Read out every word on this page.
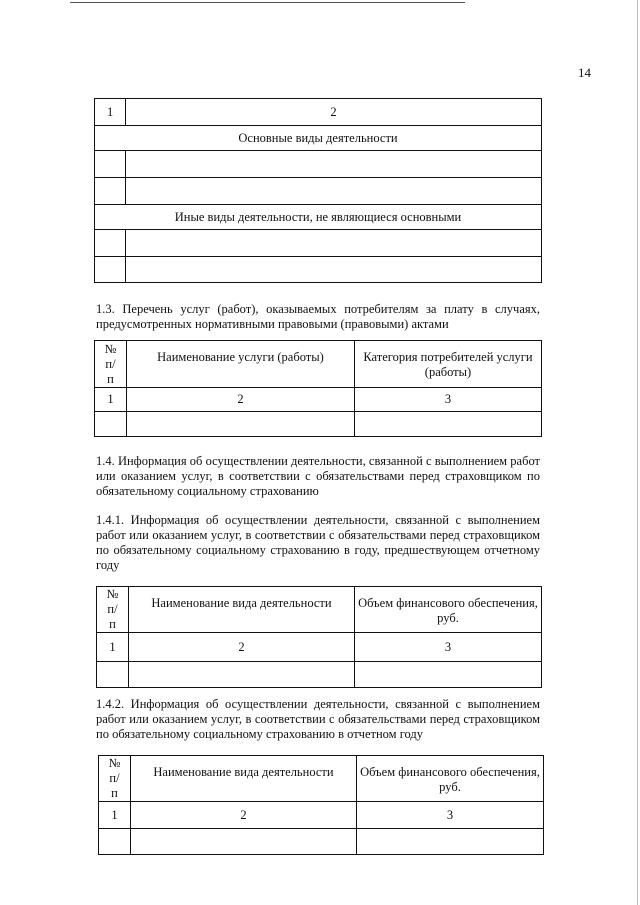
14
1	2
Основные виды деятельности	

Иные виды деятельности, не являющиеся основными	

1.3. Перечень услуг (работ), оказываемых потребителям за плату в случаях, предусмотренных нормативными правовыми (правовыми) актами
№ п/п	Наименование услуги (работы)	Категория потребителей услуги (работы)
1	2	3

1.4. Информация об осуществлении деятельности, связанной с выполнением работ или оказанием услуг, в соответствии с обязательствами перед страховщиком по обязательному социальному страхованию
1.4.1. Информация об осуществлении деятельности, связанной с выполнением работ или оказанием услуг, в соответствии с обязательствами перед страховщиком по обязательному социальному страхованию в году, предшествующем отчетному году
№ п/п	Наименование вида деятельности	Объем финансового обеспечения, руб.
1	2	3

1.4.2. Информация об осуществлении деятельности, связанной с выполнением работ или оказанием услуг, в соответствии с обязательствами перед страховщиком по обязательному социальному страхованию в отчетном году
№ п/п	Наименование вида деятельности	Объем финансового обеспечения, руб.
1	2	3
